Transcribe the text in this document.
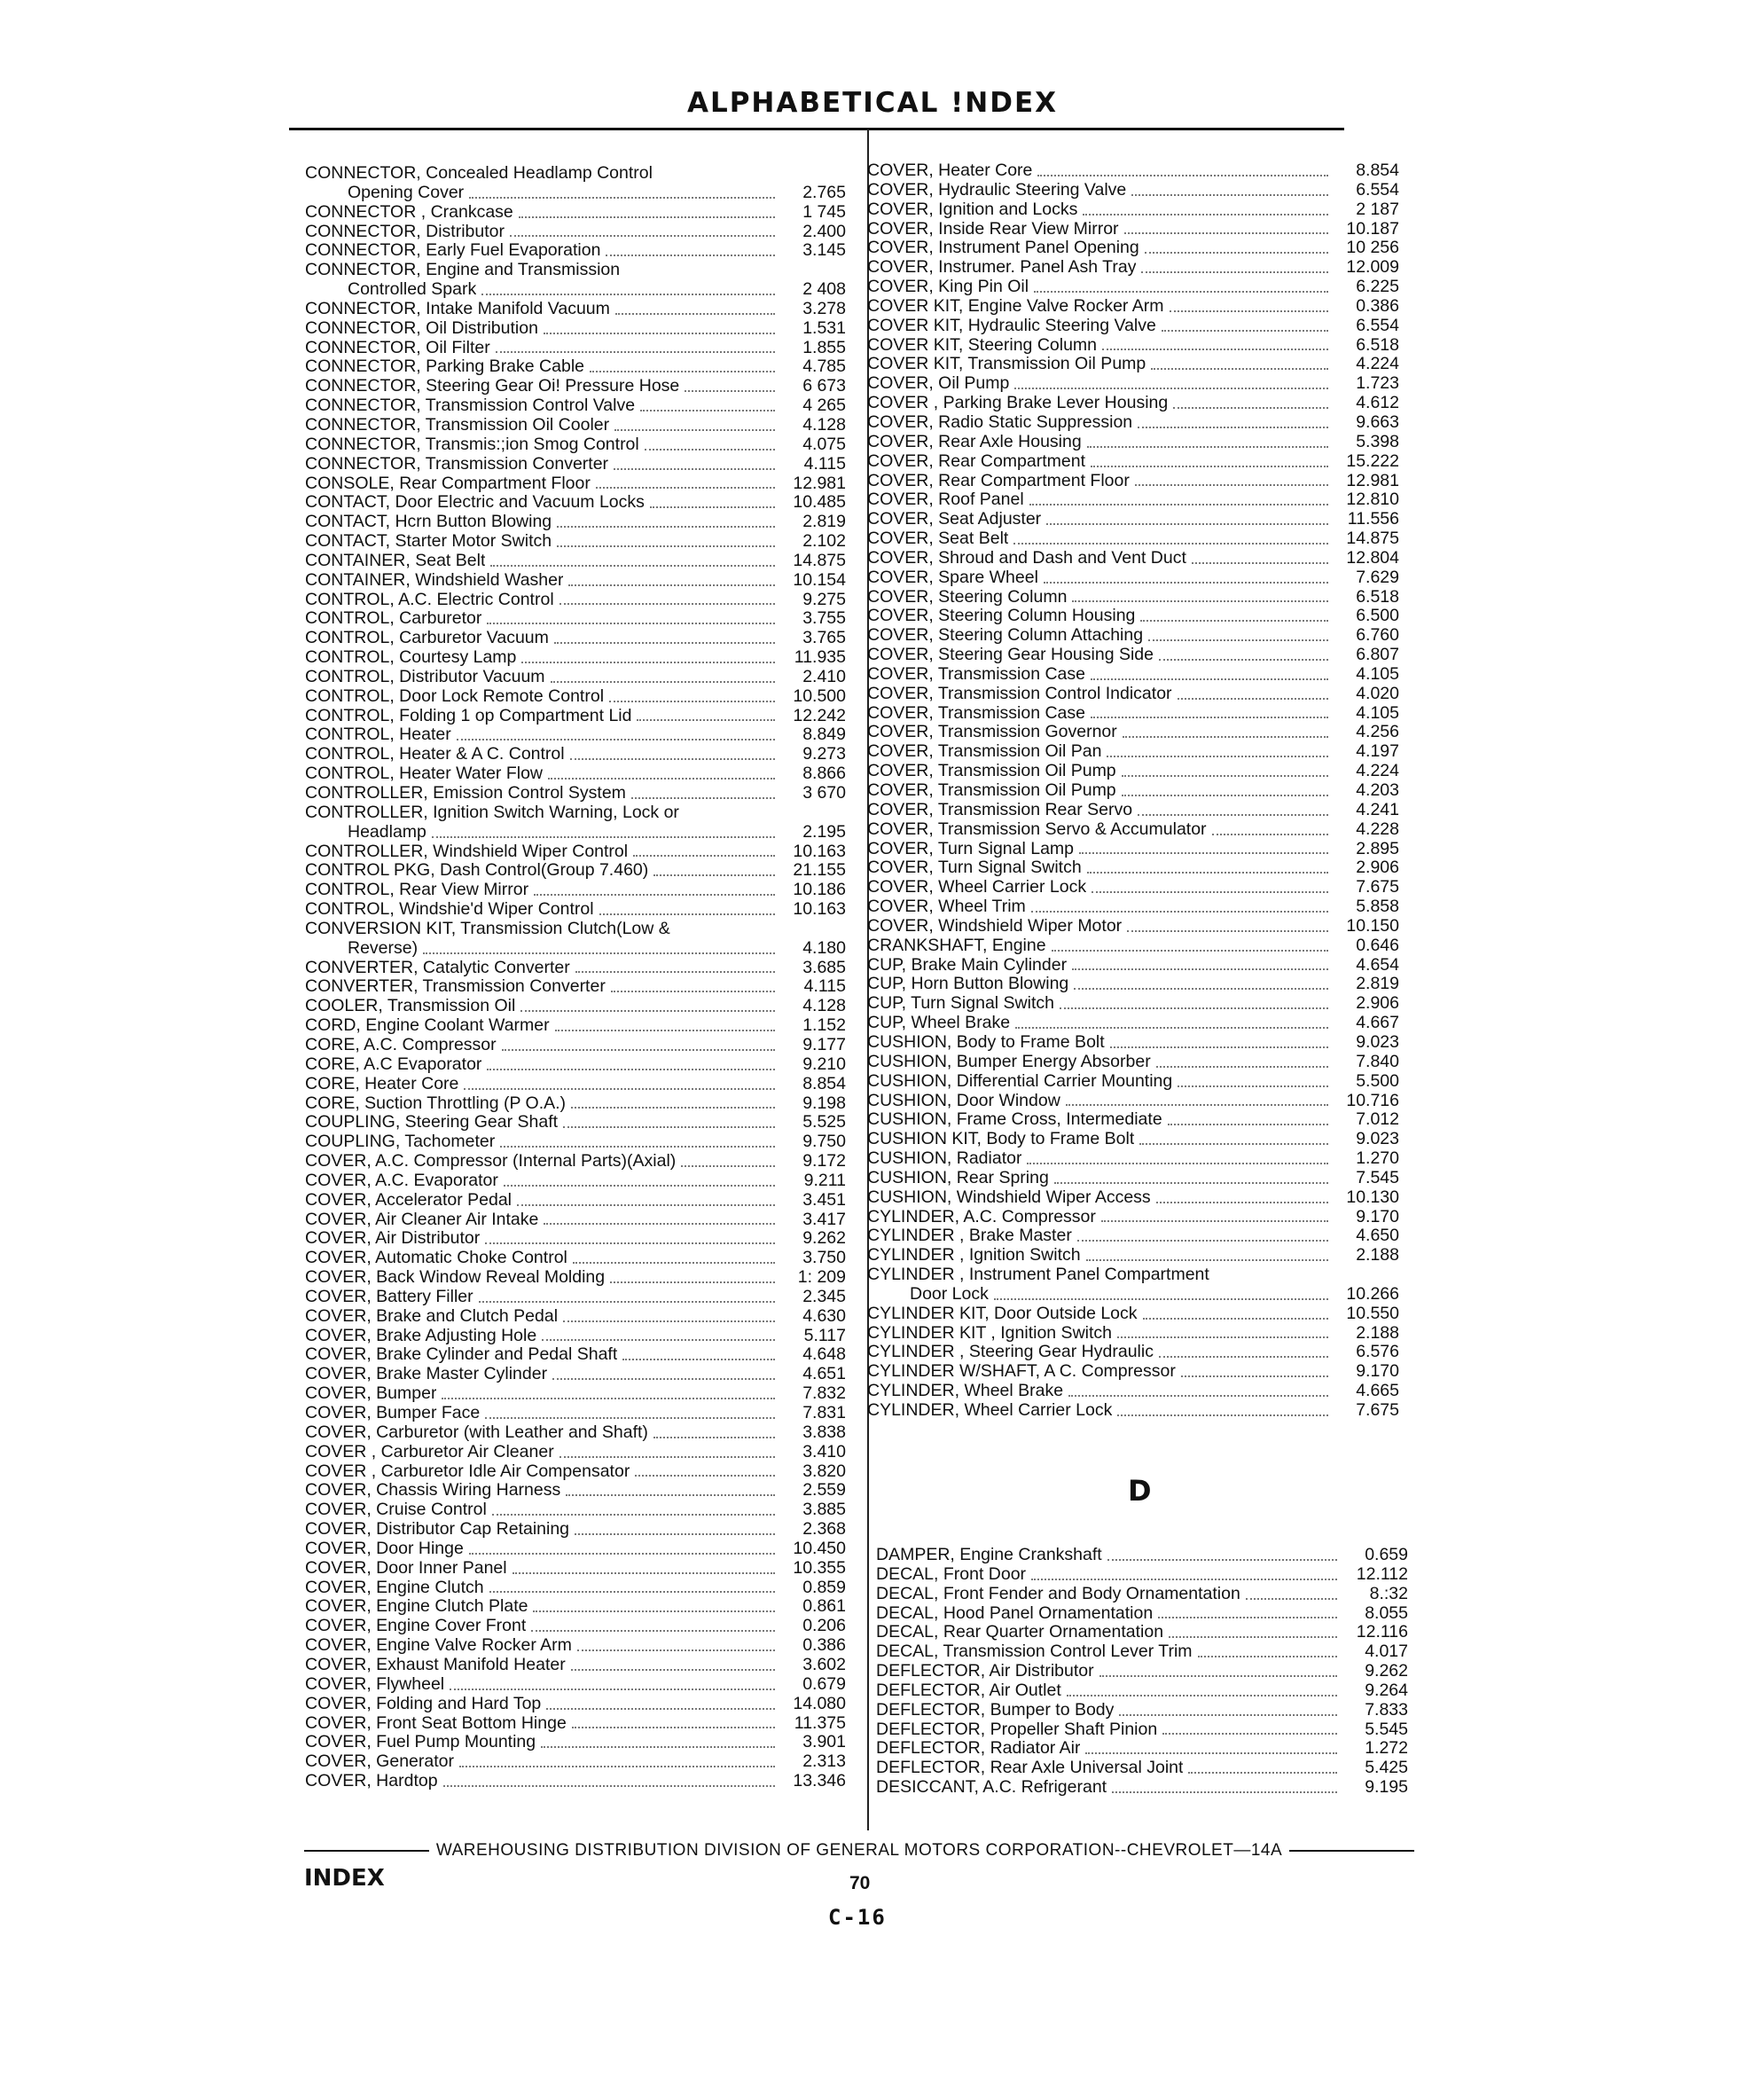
ALPHABETICAL !NDEX
CONNECTOR, Concealed Headlamp Control
Opening Cover	2.765
CONNECTOR , Crankcase	1 745
CONNECTOR, Distributor	2.400
CONNECTOR, Early Fuel Evaporation	3.145
CONNECTOR, Engine and Transmission
Controlled Spark	2 408
CONNECTOR, Intake Manifold Vacuum	3.278
CONNECTOR, Oil Distribution	1.531
CONNECTOR, Oil Filter	1.855
CONNECTOR, Parking Brake Cable	4.785
CONNECTOR, Steering Gear Oi! Pressure Hose	6 673
CONNECTOR, Transmission Control Valve	4 265
CONNECTOR, Transmission Oil Cooler	4.128
CONNECTOR, Transmis:;ion Smog Control	4.075
CONNECTOR, Transmission Converter	4.115
CONSOLE, Rear Compartment Floor	12.981
CONTACT, Door Electric and Vacuum Locks	10.485
CONTACT, Hcrn Button Blowing	2.819
CONTACT, Starter Motor Switch	2.102
CONTAINER, Seat Belt	14.875
CONTAINER, Windshield Washer	10.154
CONTROL, A.C. Electric Control	9.275
CONTROL, Carburetor	3.755
CONTROL, Carburetor Vacuum	3.765
CONTROL, Courtesy Lamp	11.935
CONTROL, Distributor Vacuum	2.410
CONTROL, Door Lock Remote Control	10.500
CONTROL, Folding 1 op Compartment Lid	12.242
CONTROL, Heater	8.849
CONTROL, Heater & A C. Control	9.273
CONTROL, Heater Water Flow	8.866
CONTROLLER, Emission Control System	3 670
CONTROLLER, Ignition Switch Warning, Lock or
Headlamp	2.195
CONTROLLER, Windshield Wiper Control	10.163
CONTROL PKG, Dash Control(Group 7.460)	21.155
CONTROL, Rear View Mirror	10.186
CONTROL, Windshie'd Wiper Control	10.163
CONVERSION KIT, Transmission Clutch(Low &
Reverse)	4.180
CONVERTER, Catalytic Converter	3.685
CONVERTER, Transmission Converter	4.115
COOLER, Transmission Oil	4.128
CORD, Engine Coolant Warmer	1.152
CORE, A.C. Compressor	9.177
CORE, A.C Evaporator	9.210
CORE, Heater Core	8.854
CORE, Suction Throttling (P O.A.)	9.198
COUPLING, Steering Gear Shaft	5.525
COUPLING, Tachometer	9.750
COVER, A.C. Compressor (Internal Parts)(Axial)	9.172
COVER, A.C. Evaporator	9.211
COVER, Accelerator Pedal	3.451
COVER, Air Cleaner Air Intake	3.417
COVER, Air Distributor	9.262
COVER, Automatic Choke Control	3.750
COVER, Back Window Reveal Molding	1: 209
COVER, Battery Filler	2.345
COVER, Brake and Clutch Pedal	4.630
COVER, Brake Adjusting Hole	5.117
COVER, Brake Cylinder and Pedal Shaft	4.648
COVER, Brake Master Cylinder	4.651
COVER, Bumper	7.832
COVER, Bumper Face	7.831
COVER, Carburetor (with Leather and Shaft)	3.838
COVER , Carburetor Air Cleaner	3.410
COVER , Carburetor Idle Air Compensator	3.820
COVER, Chassis Wiring Harness	2.559
COVER, Cruise Control	3.885
COVER, Distributor Cap Retaining	2.368
COVER, Door Hinge	10.450
COVER, Door Inner Panel	10.355
COVER, Engine Clutch	0.859
COVER, Engine Clutch Plate	0.861
COVER, Engine Cover Front	0.206
COVER, Engine Valve Rocker Arm	0.386
COVER, Exhaust Manifold Heater	3.602
COVER, Flywheel	0.679
COVER, Folding and Hard Top	14.080
COVER, Front Seat Bottom Hinge	11.375
COVER, Fuel Pump Mounting	3.901
COVER, Generator	2.313
COVER, Hardtop	13.346
COVER, Heater Core	8.854
COVER, Hydraulic Steering Valve	6.554
COVER, Ignition and Locks	2 187
COVER, Inside Rear View Mirror	10.187
COVER, Instrument Panel Opening	10 256
COVER, Instrumer. Panel Ash Tray	12.009
COVER, King Pin Oil	6.225
COVER KIT, Engine Valve Rocker Arm	0.386
COVER KIT, Hydraulic Steering Valve	6.554
COVER KIT, Steering Column	6.518
COVER KIT, Transmission Oil Pump	4.224
COVER, Oil Pump	1.723
COVER , Parking Brake Lever Housing	4.612
COVER, Radio Static Suppression	9.663
COVER, Rear Axle Housing	5.398
COVER, Rear Compartment	15.222
COVER, Rear Compartment Floor	12.981
COVER, Roof Panel	12.810
COVER, Seat Adjuster	11.556
COVER, Seat Belt	14.875
COVER, Shroud and Dash and Vent Duct	12.804
COVER, Spare Wheel	7.629
COVER, Steering Column	6.518
COVER, Steering Column Housing	6.500
COVER, Steering Column Attaching	6.760
COVER, Steering Gear Housing Side	6.807
COVER, Transmission Case	4.105
COVER, Transmission Control Indicator	4.020
COVER, Transmission Case	4.105
COVER, Transmission Governor	4.256
COVER, Transmission Oil Pan	4.197
COVER, Transmission Oil Pump	4.224
COVER, Transmission Oil Pump	4.203
COVER, Transmission Rear Servo	4.241
COVER, Transmission Servo & Accumulator	4.228
COVER, Turn Signal Lamp	2.895
COVER, Turn Signal Switch	2.906
COVER, Wheel Carrier Lock	7.675
COVER, Wheel Trim	5.858
COVER, Windshield Wiper Motor	10.150
CRANKSHAFT, Engine	0.646
CUP, Brake Main Cylinder	4.654
CUP, Horn Button Blowing	2.819
CUP, Turn Signal Switch	2.906
CUP, Wheel Brake	4.667
CUSHION, Body to Frame Bolt	9.023
CUSHION, Bumper Energy Absorber	7.840
CUSHION, Differential Carrier Mounting	5.500
CUSHION, Door Window	10.716
CUSHION, Frame Cross, Intermediate	7.012
CUSHION KIT, Body to Frame Bolt	9.023
CUSHION, Radiator	1.270
CUSHION, Rear Spring	7.545
CUSHION, Windshield Wiper Access	10.130
CYLINDER, A.C. Compressor	9.170
CYLINDER , Brake Master	4.650
CYLINDER , Ignition Switch	2.188
CYLINDER , Instrument Panel Compartment
Door Lock	10.266
CYLINDER KIT, Door Outside Lock	10.550
CYLINDER KIT , Ignition Switch	2.188
CYLINDER , Steering Gear Hydraulic	6.576
CYLINDER W/SHAFT, A C. Compressor	9.170
CYLINDER, Wheel Brake	4.665
CYLINDER, Wheel Carrier Lock	7.675
D
DAMPER, Engine Crankshaft	0.659
DECAL, Front Door	12.112
DECAL, Front Fender and Body Ornamentation	8.:32
DECAL, Hood Panel Ornamentation	8.055
DECAL, Rear Quarter Ornamentation	12.116
DECAL, Transmission Control Lever Trim	4.017
DEFLECTOR, Air Distributor	9.262
DEFLECTOR, Air Outlet	9.264
DEFLECTOR, Bumper to Body	7.833
DEFLECTOR, Propeller Shaft Pinion	5.545
DEFLECTOR, Radiator Air	1.272
DEFLECTOR, Rear Axle Universal Joint	5.425
DESICCANT, A.C. Refrigerant	9.195
WAREHOUSING DISTRIBUTION DIVISION OF GENERAL MOTORS CORPORATION--CHEVROLET—14A
INDEX	70
C-16
